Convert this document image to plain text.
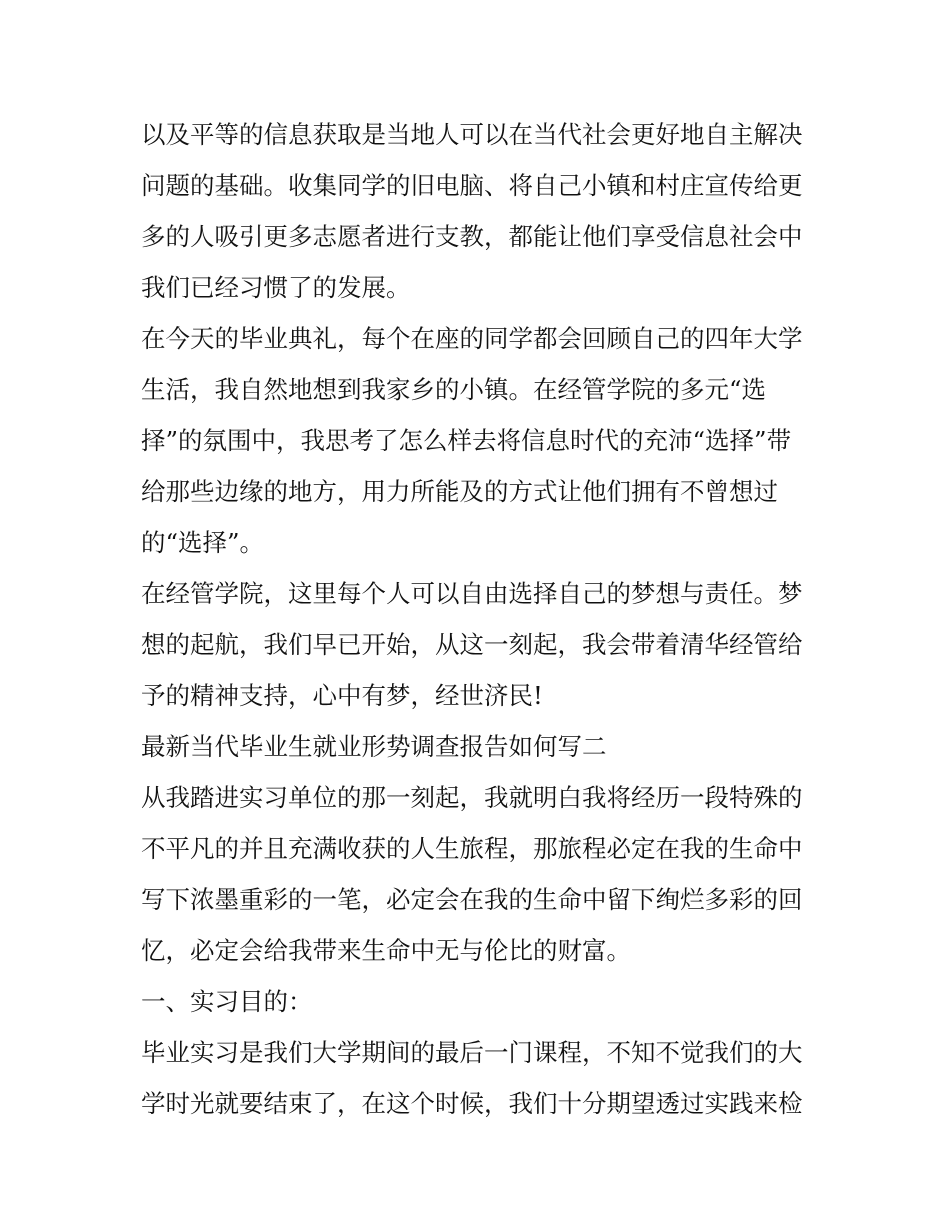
以及平等的信息获取是当地人可以在当代社会更好地自主解决
问题的基础。收集同学的旧电脑、将自己小镇和村庄宣传给更
多的人吸引更多志愿者进行支教，都能让他们享受信息社会中
我们已经习惯了的发展。
在今天的毕业典礼，每个在座的同学都会回顾自己的四年大学
生活，我自然地想到我家乡的小镇。在经管学院的多元“选
择”的氛围中，我思考了怎么样去将信息时代的充沛“选择”带
给那些边缘的地方，用力所能及的方式让他们拥有不曾想过
的“选择”。
在经管学院，这里每个人可以自由选择自己的梦想与责任。梦
想的起航，我们早已开始，从这一刻起，我会带着清华经管给
予的精神支持，心中有梦，经世济民!
最新当代毕业生就业形势调查报告如何写二
从我踏进实习单位的那一刻起，我就明白我将经历一段特殊的
不平凡的并且充满收获的人生旅程，那旅程必定在我的生命中
写下浓墨重彩的一笔，必定会在我的生命中留下绚烂多彩的回
忆，必定会给我带来生命中无与伦比的财富。
一、实习目的：
毕业实习是我们大学期间的最后一门课程，不知不觉我们的大
学时光就要结束了，在这个时候，我们十分期望透过实践来检
